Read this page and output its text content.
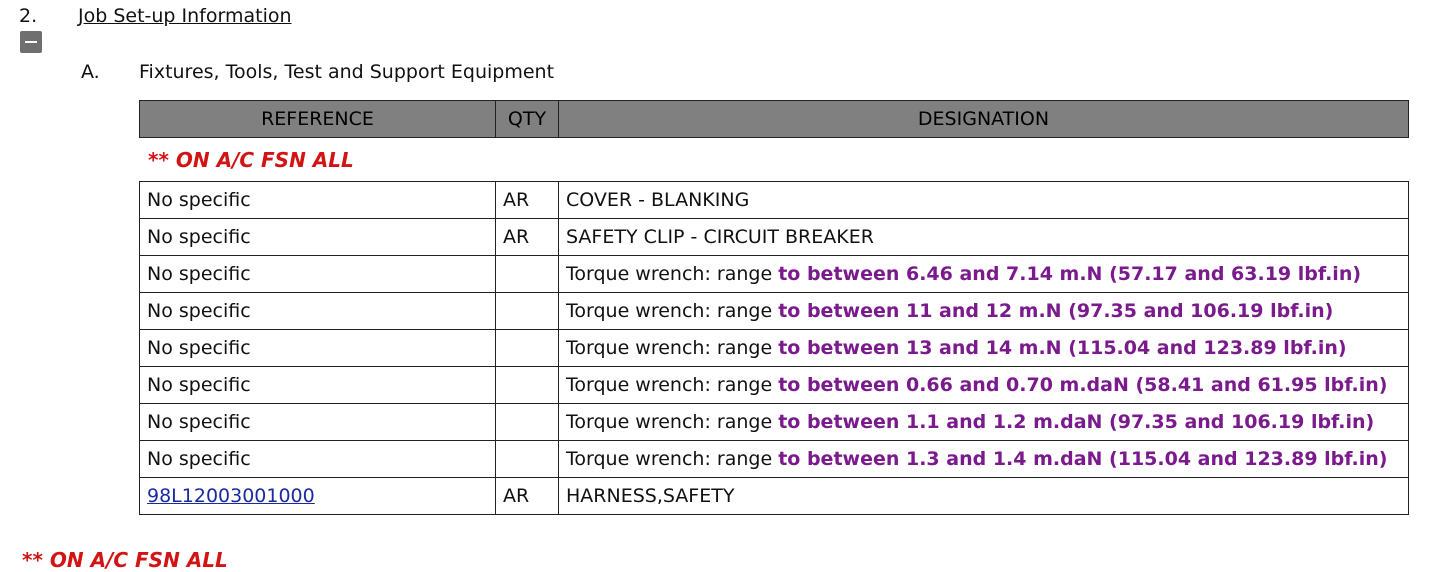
2. Job Set-up Information
A. Fixtures, Tools, Test and Support Equipment
REFERENCE	QTY	DESIGNATION
** ON A/C FSN ALL
No specific	AR	COVER - BLANKING
No specific	AR	SAFETY CLIP - CIRCUIT BREAKER
No specific		Torque wrench: range to between 6.46 and 7.14 m.N (57.17 and 63.19 lbf.in)
No specific		Torque wrench: range to between 11 and 12 m.N (97.35 and 106.19 lbf.in)
No specific		Torque wrench: range to between 13 and 14 m.N (115.04 and 123.89 lbf.in)
No specific		Torque wrench: range to between 0.66 and 0.70 m.daN (58.41 and 61.95 lbf.in)
No specific		Torque wrench: range to between 1.1 and 1.2 m.daN (97.35 and 106.19 lbf.in)
No specific		Torque wrench: range to between 1.3 and 1.4 m.daN (115.04 and 123.89 lbf.in)
98L12003001000	AR	HARNESS,SAFETY
** ON A/C FSN ALL
